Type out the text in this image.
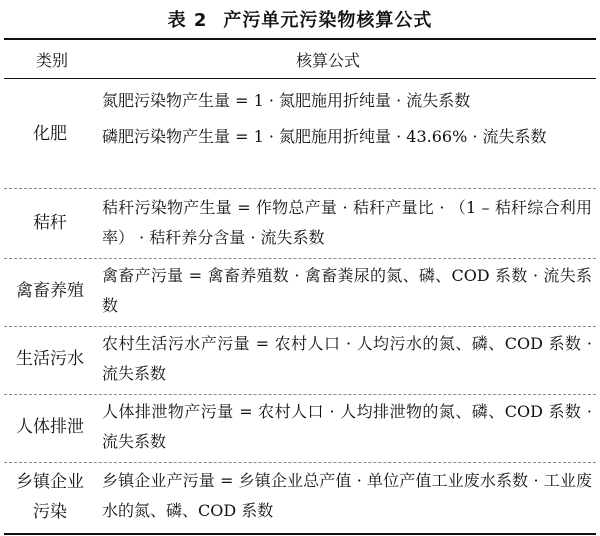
表 2 产污单元污染物核算公式
类别	核算公式
化肥

氮肥污染物产生量 = 1 · 氮肥施用折纯量 · 流失系数

磷肥污染物产生量 = 1 · 氮肥施用折纯量 · 43.66% · 流失系数

秸秆

秸秆污染物产生量 = 作物总产量 · 秸秆产量比 · （1 – 秸秆综合利用率） · 秸秆养分含量 · 流失系数

禽畜养殖

禽畜产污量 = 禽畜养殖数 · 禽畜粪尿的氮、磷、COD 系数 · 流失系数

生活污水

农村生活污水产污量 = 农村人口 · 人均污水的氮、磷、COD 系数 · 流失系数

人体排泄

人体排泄物产污量 = 农村人口 · 人均排泄物的氮、磷、COD 系数 · 流失系数

乡镇企业
污染

乡镇企业产污量 = 乡镇企业总产值 · 单位产值工业废水系数 · 工业废水的氮、磷、COD 系数
